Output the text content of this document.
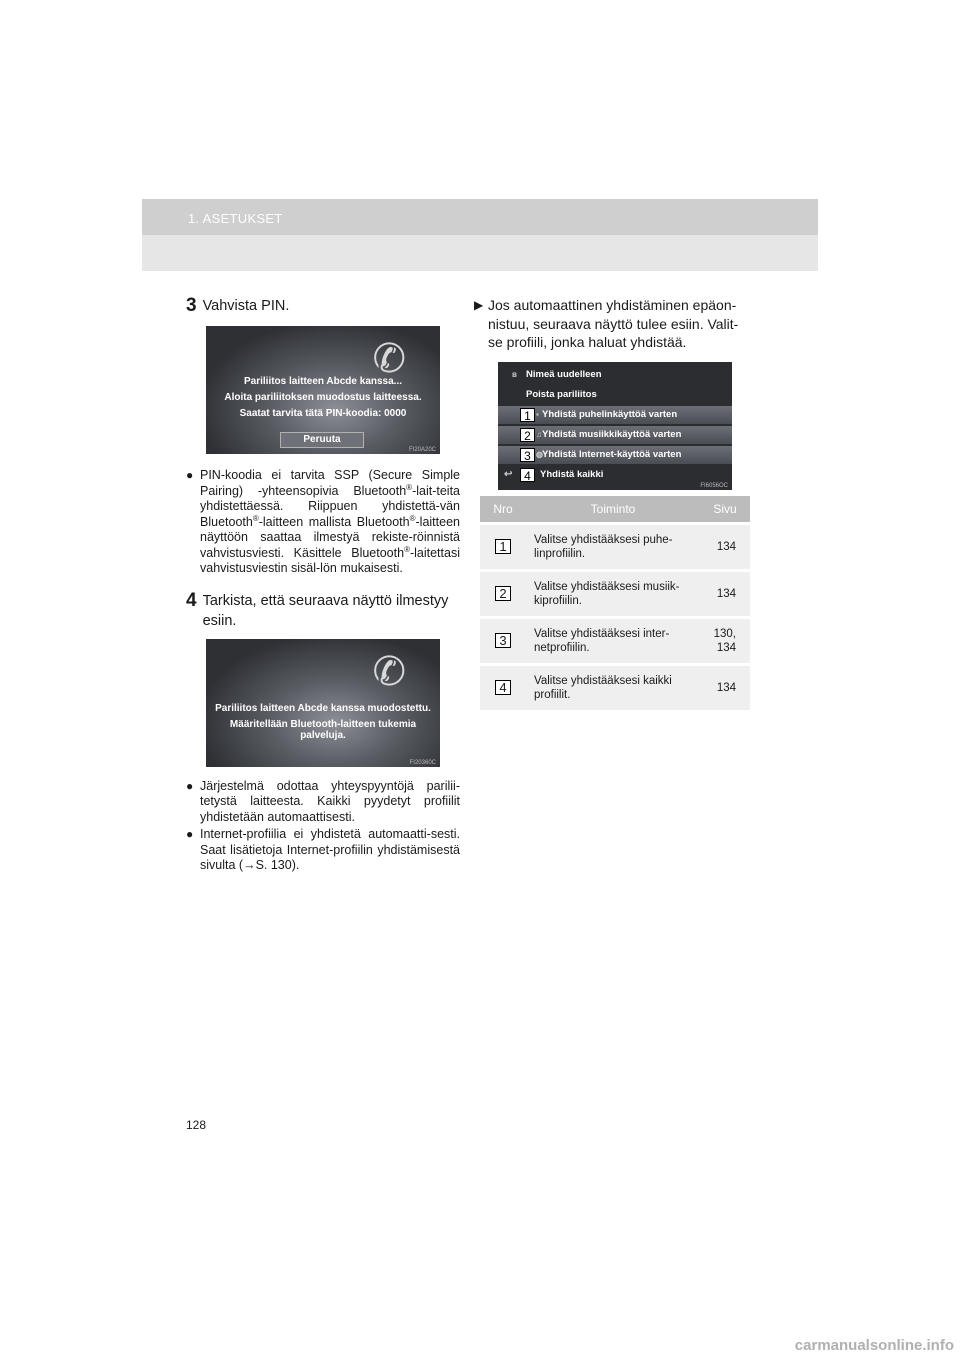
1. ASETUKSET
3 Vahvista PIN.
✆
Pariliitos laitteen Abcde kanssa...
Aloita pariliitoksen muodostus laitteessa.
Saatat tarvita tätä PIN-koodia: 0000
Peruuta
FI20A20C
● PIN-koodia ei tarvita SSP (Secure Simple Pairing) -yhteensopivia Bluetooth®-lait-teita yhdistettäessä. Riippuen yhdistettä-vän Bluetooth®-laitteen mallista Bluetooth®-laitteen näyttöön saattaa ilmestyä rekiste-röinnistä vahvistusviesti. Käsittele Bluetooth®-laitettasi vahvistusviestin sisäl-lön mukaisesti.
4 Tarkista, että seuraava näyttö ilmestyy esiin.
✆
Pariliitos laitteen Abcde kanssa muodostettu.
Määritellään Bluetooth-laitteen tukemia palveluja.
FI20360C
● Järjestelmä odottaa yhteyspyyntöjä parilii-tetystä laitteesta. Kaikki pyydetyt profiilit yhdistetään automaattisesti.
● Internet-profiilia ei yhdistetä automaatti-sesti. Saat lisätietoja Internet-profiilin yhdistämisestä sivulta (→S. 130).
▶ Jos automaattinen yhdistäminen epäon-nistuu, seuraava näyttö tulee esiin. Valit-se profiili, jonka haluat yhdistää.
ʙ Nimeä uudelleen
Poista pariliitos
1 ▪ Yhdistä puhelinkäyttöä varten
2 ♫ Yhdistä musiikkikäyttöä varten
3 ◍ Yhdistä Internet-käyttöä varten
↩ 4 Yhdistä kaikki
FI6056OC
Nro	Toiminto	Sivu
1	Valitse yhdistääksesi puhe-linprofiilin.	134
2	Valitse yhdistääksesi musiik-kiprofiilin.	134
3	Valitse yhdistääksesi inter-netprofiilin.	130, 134
4	Valitse yhdistääksesi kaikki profiilit.	134
128
carmanualsonline.info
